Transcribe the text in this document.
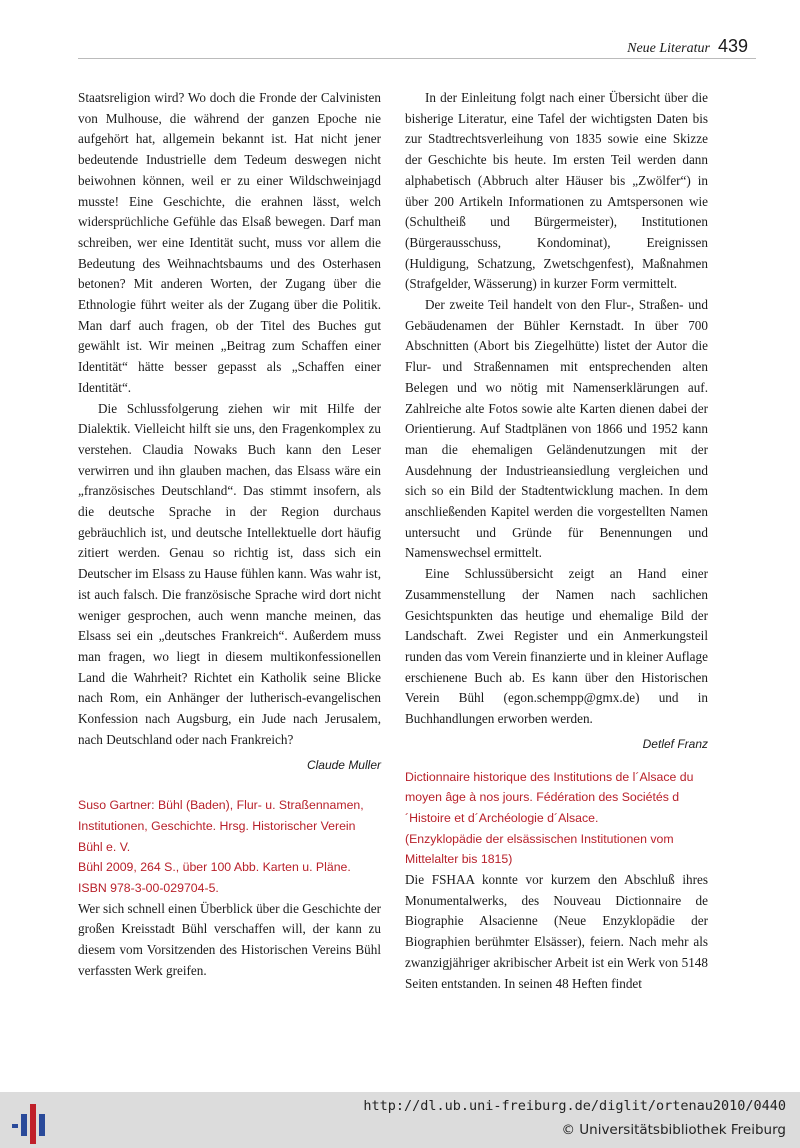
Neue Literatur 439

Staatsreligion wird? Wo doch die Fronde der Calvinisten von Mulhouse, die während der ganzen Epoche nie aufgehört hat, allgemein bekannt ist. Hat nicht jener bedeutende Industrielle dem Tedeum deswegen nicht beiwohnen können, weil er zu einer Wildschweinjagd musste! Eine Geschichte, die erahnen lässt, welch widersprüchliche Gefühle das Elsaß bewegen. Darf man schreiben, wer eine Identität sucht, muss vor allem die Bedeutung des Weihnachtsbaums und des Osterhasen betonen? Mit anderen Worten, der Zugang über die Ethnologie führt weiter als der Zugang über die Politik. Man darf auch fragen, ob der Titel des Buches gut gewählt ist. Wir meinen „Beitrag zum Schaffen einer Identität“ hätte besser gepasst als „Schaffen einer Identität“.

Die Schlussfolgerung ziehen wir mit Hilfe der Dialektik. Vielleicht hilft sie uns, den Fragenkomplex zu verstehen. Claudia Nowaks Buch kann den Leser verwirren und ihn glauben machen, das Elsass wäre ein „französisches Deutschland“. Das stimmt insofern, als die deutsche Sprache in der Region durchaus gebräuchlich ist, und deutsche Intellektuelle dort häufig zitiert werden. Genau so richtig ist, dass sich ein Deutscher im Elsass zu Hause fühlen kann. Was wahr ist, ist auch falsch. Die französische Sprache wird dort nicht weniger gesprochen, auch wenn manche meinen, das Elsass sei ein „deutsches Frankreich“. Außerdem muss man fragen, wo liegt in diesem multikonfessionellen Land die Wahrheit? Richtet ein Katholik seine Blicke nach Rom, ein Anhänger der lutherisch-evangelischen Konfession nach Augsburg, ein Jude nach Jerusalem, nach Deutschland oder nach Frankreich?

Claude Muller
Suso Gartner: Bühl (Baden), Flur- u. Straßennamen, Institutionen, Geschichte. Hrsg. Historischer Verein Bühl e. V.
Bühl 2009, 264 S., über 100 Abb. Karten u. Pläne. ISBN 978-3-00-029704-5.

Wer sich schnell einen Überblick über die Geschichte der großen Kreisstadt Bühl verschaffen will, der kann zu diesem vom Vorsitzenden des Historischen Vereins Bühl verfassten Werk greifen.

In der Einleitung folgt nach einer Übersicht über die bisherige Literatur, eine Tafel der wichtigsten Daten bis zur Stadtrechtsverleihung von 1835 sowie eine Skizze der Geschichte bis heute. Im ersten Teil werden dann alphabetisch (Abbruch alter Häuser bis „Zwölfer“) in über 200 Artikeln Informationen zu Amtspersonen wie (Schultheiß und Bürgermeister), Institutionen (Bürgerausschuss, Kondominat), Ereignissen (Huldigung, Schatzung, Zwetschgenfest), Maßnahmen (Strafgelder, Wässerung) in kurzer Form vermittelt.

Der zweite Teil handelt von den Flur-, Straßen- und Gebäudenamen der Bühler Kernstadt. In über 700 Abschnitten (Abort bis Ziegelhütte) listet der Autor die Flur- und Straßennamen mit entsprechenden alten Belegen und wo nötig mit Namenserklärungen auf. Zahlreiche alte Fotos sowie alte Karten dienen dabei der Orientierung. Auf Stadtplänen von 1866 und 1952 kann man die ehemaligen Geländenutzungen mit der Ausdehnung der Industrieansiedlung vergleichen und sich so ein Bild der Stadtentwicklung machen. In dem anschließenden Kapitel werden die vorgestellten Namen untersucht und Gründe für Benennungen und Namenswechsel ermittelt.

Eine Schlussübersicht zeigt an Hand einer Zusammenstellung der Namen nach sachlichen Gesichtspunkten das heutige und ehemalige Bild der Landschaft. Zwei Register und ein Anmerkungsteil runden das vom Verein finanzierte und in kleiner Auflage erschienene Buch ab. Es kann über den Historischen Verein Bühl (egon.schempp@gmx.de) und in Buchhandlungen erworben werden.

Detlef Franz
Dictionnaire historique des Institutions de l´Alsace du moyen âge à nos jours. Fédération des Sociétés d´Histoire et d´Archéologie d´Alsace.
(Enzyklopädie der elsässischen Institutionen vom Mittelalter bis 1815)

Die FSHAA konnte vor kurzem den Abschluß ihres Monumentalwerks, des Nouveau Dictionnaire de Biographie Alsacienne (Neue Enzyklopädie der Biographien berühmter Elsässer), feiern. Nach mehr als zwanzigjähriger akribischer Arbeit ist ein Werk von 5148 Seiten entstanden. In seinen 48 Heften findet

http://dl.ub.uni-freiburg.de/diglit/ortenau2010/0440
© Universitätsbibliothek Freiburg
